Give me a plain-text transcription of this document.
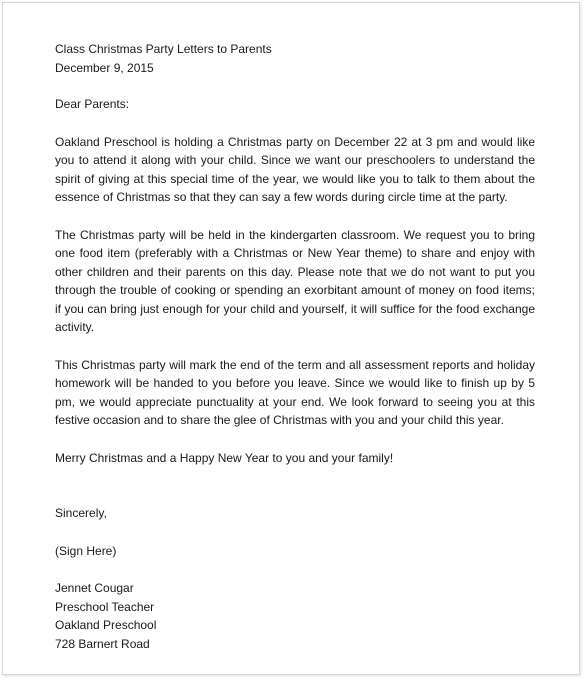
Class Christmas Party Letters to Parents

December 9, 2015

Dear Parents:

Oakland Preschool is holding a Christmas party on December 22 at 3 pm and would like you to attend it along with your child. Since we want our preschoolers to understand the spirit of giving at this special time of the year, we would like you to talk to them about the essence of Christmas so that they can say a few words during circle time at the party.

The Christmas party will be held in the kindergarten classroom. We request you to bring one food item (preferably with a Christmas or New Year theme) to share and enjoy with other children and their parents on this day. Please note that we do not want to put you through the trouble of cooking or spending an exorbitant amount of money on food items; if you can bring just enough for your child and yourself, it will suffice for the food exchange activity.

This Christmas party will mark the end of the term and all assessment reports and holiday homework will be handed to you before you leave. Since we would like to finish up by 5 pm, we would appreciate punctuality at your end. We look forward to seeing you at this festive occasion and to share the glee of Christmas with you and your child this year.

Merry Christmas and a Happy New Year to you and your family!

Sincerely,

(Sign Here)

Jennet Cougar

Preschool Teacher

Oakland Preschool

728 Barnert Road
